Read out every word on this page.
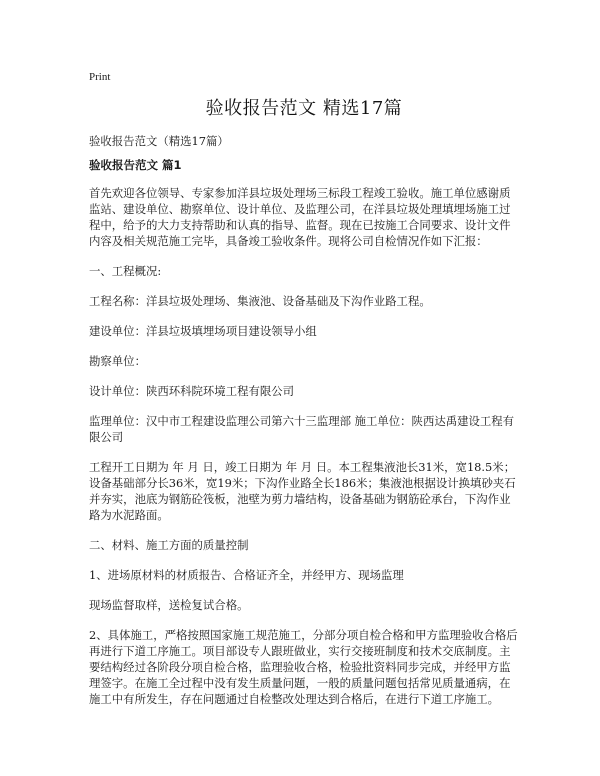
Print
验收报告范文 精选17篇

验收报告范文（精选17篇）

验收报告范文 篇1

首先欢迎各位领导、专家参加洋县垃圾处理场三标段工程竣工验收。施工单位感谢质监站、建设单位、勘察单位、设计单位、及监理公司，在洋县垃圾处理填埋场施工过程中，给予的大力支持帮助和认真的指导、监督。现在已按施工合同要求、设计文件内容及相关规范施工完毕，具备竣工验收条件。现将公司自检情况作如下汇报：

一、工程概况:

工程名称：洋县垃圾处理场、集液池、设备基础及下沟作业路工程。

建设单位：洋县垃圾填埋场项目建设领导小组

勘察单位：

设计单位：陕西环科院环境工程有限公司

监理单位：汉中市工程建设监理公司第六十三监理部 施工单位：陕西达禹建设工程有限公司

工程开工日期为 年 月 日，竣工日期为 年 月 日。本工程集液池长31米，宽18.5米；设备基础部分长36米，宽19米；下沟作业路全长186米；集液池根据设计换填砂夹石并夯实，池底为钢筋砼筏板，池壁为剪力墙结构，设备基础为钢筋砼承台，下沟作业路为水泥路面。

二、材料、施工方面的质量控制

1、进场原材料的材质报告、合格证齐全，并经甲方、现场监理

现场监督取样，送检复试合格。

2、具体施工，严格按照国家施工规范施工，分部分项自检合格和甲方监理验收合格后再进行下道工序施工。项目部设专人跟班做业，实行交接班制度和技术交底制度。主要结构经过各阶段分项自检合格，监理验收合格，检验批资料同步完成，并经甲方监理签字。在施工全过程中没有发生质量问题，一般的质量问题包括常见质量通病，在施工中有所发生，存在问题通过自检整改处理达到合格后，在进行下道工序施工。
